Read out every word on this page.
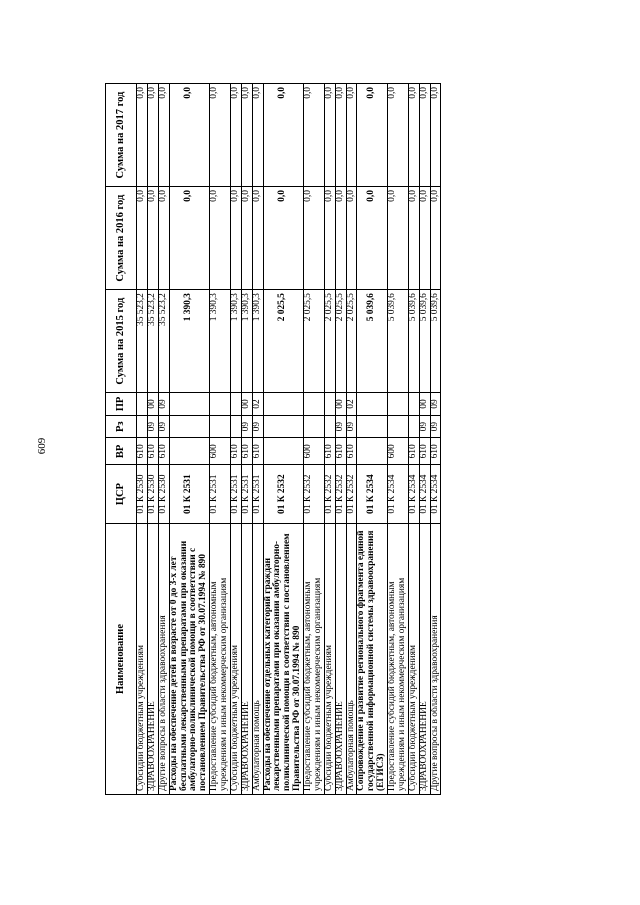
609
Наименование	ЦСР	ВР	Рз	ПР	Сумма на 2015 год	Сумма на 2016 год	Сумма на 2017 год
Субсидии бюджетным учреждениям	01 К 2530	610			35 523,2	0,0	0,0
ЗДРАВООХРАНЕНИЕ	01 К 2530	610	09	00	35 523,2	0,0	0,0
Другие вопросы в области здравоохранения	01 К 2530	610	09	09	35 523,2	0,0	0,0
Расходы на обеспечение детей в возрасте от 0 до 3-х лет бесплатными лекарственными препаратами при оказании амбулаторно-поликлинической помощи в соответствии с постановлением Правительства РФ от 30.07.1994 № 890	01 К 2531				1 390,3	0,0	0,0
Предоставление субсидий бюджетным, автономным учреждениям и иным некоммерческим организациям	01 К 2531	600			1 390,3	0,0	0,0
Субсидии бюджетным учреждениям	01 К 2531	610			1 390,3	0,0	0,0
ЗДРАВООХРАНЕНИЕ	01 К 2531	610	09	00	1 390,3	0,0	0,0
Амбулаторная помощь	01 К 2531	610	09	02	1 390,3	0,0	0,0
Расходы на обеспечение отдельных категорий граждан лекарственными препаратами при оказании амбулаторно-поликлинической помощи в соответствии с постановлением Правительства РФ от 30.07.1994 № 890	01 К 2532				2 025,5	0,0	0,0
Предоставление субсидий бюджетным, автономным учреждениям и иным некоммерческим организациям	01 К 2532	600			2 025,5	0,0	0,0
Субсидии бюджетным учреждениям	01 К 2532	610			2 025,5	0,0	0,0
ЗДРАВООХРАНЕНИЕ	01 К 2532	610	09	00	2 025,5	0,0	0,0
Амбулаторная помощь	01 К 2532	610	09	02	2 025,5	0,0	0,0
Сопровождение и развитие регионального фрагмента единой государственной информационной системы здравоохранения (ЕГИСЗ)	01 К 2534				5 039,6	0,0	0,0
Предоставление субсидий бюджетным, автономным учреждениям и иным некоммерческим организациям	01 К 2534	600			5 039,6	0,0	0,0
Субсидии бюджетным учреждениям	01 К 2534	610			5 039,6	0,0	0,0
ЗДРАВООХРАНЕНИЕ	01 К 2534	610	09	00	5 039,6	0,0	0,0
Другие вопросы в области здравоохранения	01 К 2534	610	09	09	5 039,6	0,0	0,0
